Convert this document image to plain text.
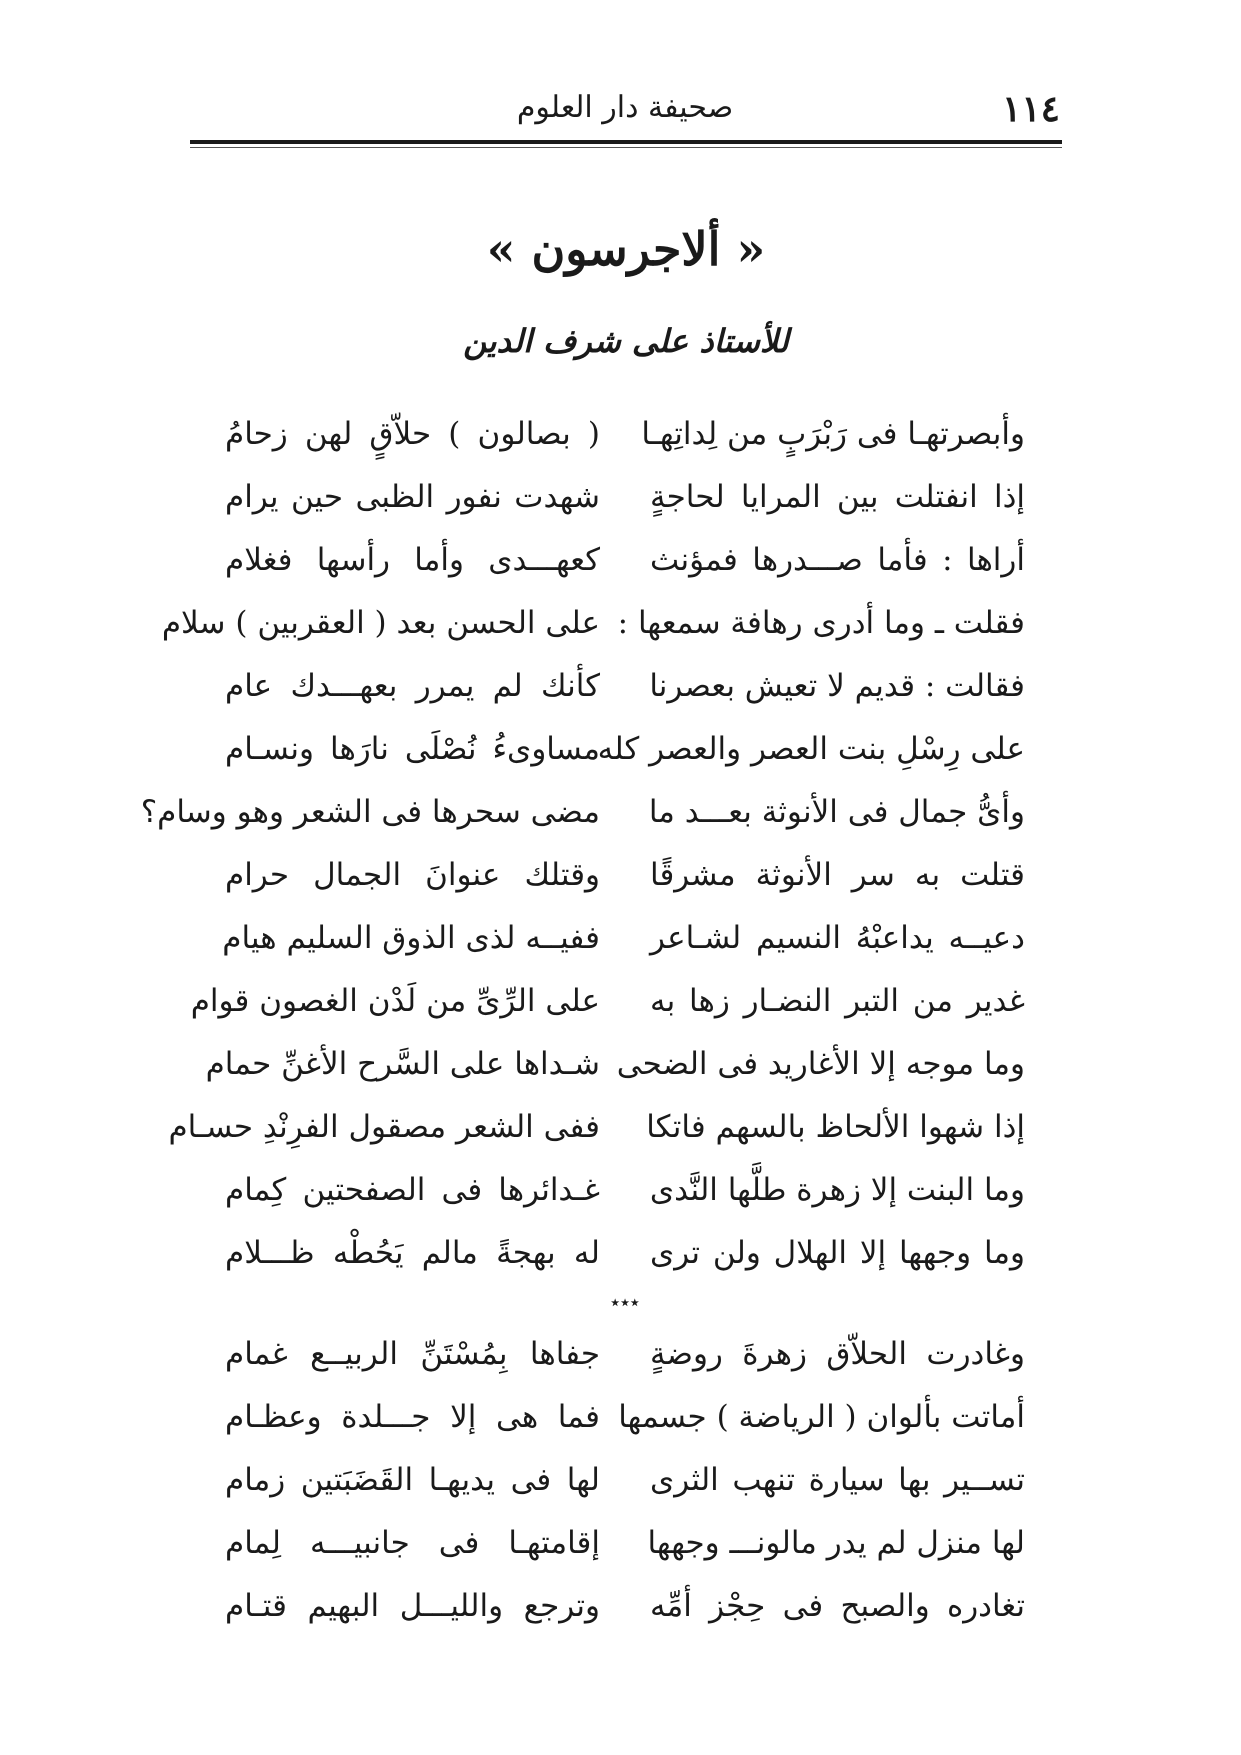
١١٤
صحيفة دار العلوم
« ألاجرسون »
للأستاذ على شرف الدين
وأبصرتهـا فى رَبْرَبٍ من لِداتِهـا
( بصالون ) حلاّقٍ لهن زحامُ
إذا انفتلت بين المرايا لحاجةٍ
شهدت نفور الظبى حين يرام
أراها : فأما صـــدرها فمؤنث
كعهـــدى وأما رأسها فغلام
فقلت ـ وما أدرى رهافة سمعها :
على الحسن بعد ( العقربين ) سلام
فقالت : قديم لا تعيش بعصرنا
كأنك لم يمرر بعهـــدك عام
على رِسْلِ بنت العصر والعصر كله
مساوىءُ نُصْلَى نارَها ونسـام
وأىُّ جمال فى الأنوثة بعـــد ما
مضى سحرها فى الشعر وهو وسام؟
قتلت به سر الأنوثة مشرقًا
وقتلك عنوانَ الجمال حرام
دعيــه يداعبْهُ النسيم لشـاعر
ففيــه لذى الذوق السليم هيام
غدير من التبر النضـار زها به
على الرِّىِّ من لَدْن الغصون قوام
وما موجه إلا الأغاريد فى الضحى
شـداها على السَّرح الأغنِّ حمام
إذا شهوا الألحاظ بالسهم فاتكا
ففى الشعر مصقول الفرِنْدِ حسـام
وما البنت إلا زهرة طلَّها النَّدى
غـدائرها فى الصفحتين كِمام
وما وجهها إلا الهلال ولن ترى
له بهجةً مالم يَحُطْه ظـــلام
٭٭٭
وغادرت الحلاّق زهرةَ روضةٍ
جفاها بِمُسْتَنِّ الربيــع غمام
أماتت بألوان ( الرياضة ) جسمها
فما هى إلا جـــلدة وعظـام
تســير بها سيارة تنهب الثرى
لها فى يديهـا القَضَبَتين زمام
لها منزل لم يدر مالونـــ وجهها
إقامتهـا فى جانبيـــه لِمام
تغادره والصبح فى حِجْز أمِّه
وترجع والليـــل البهيم قتـام
